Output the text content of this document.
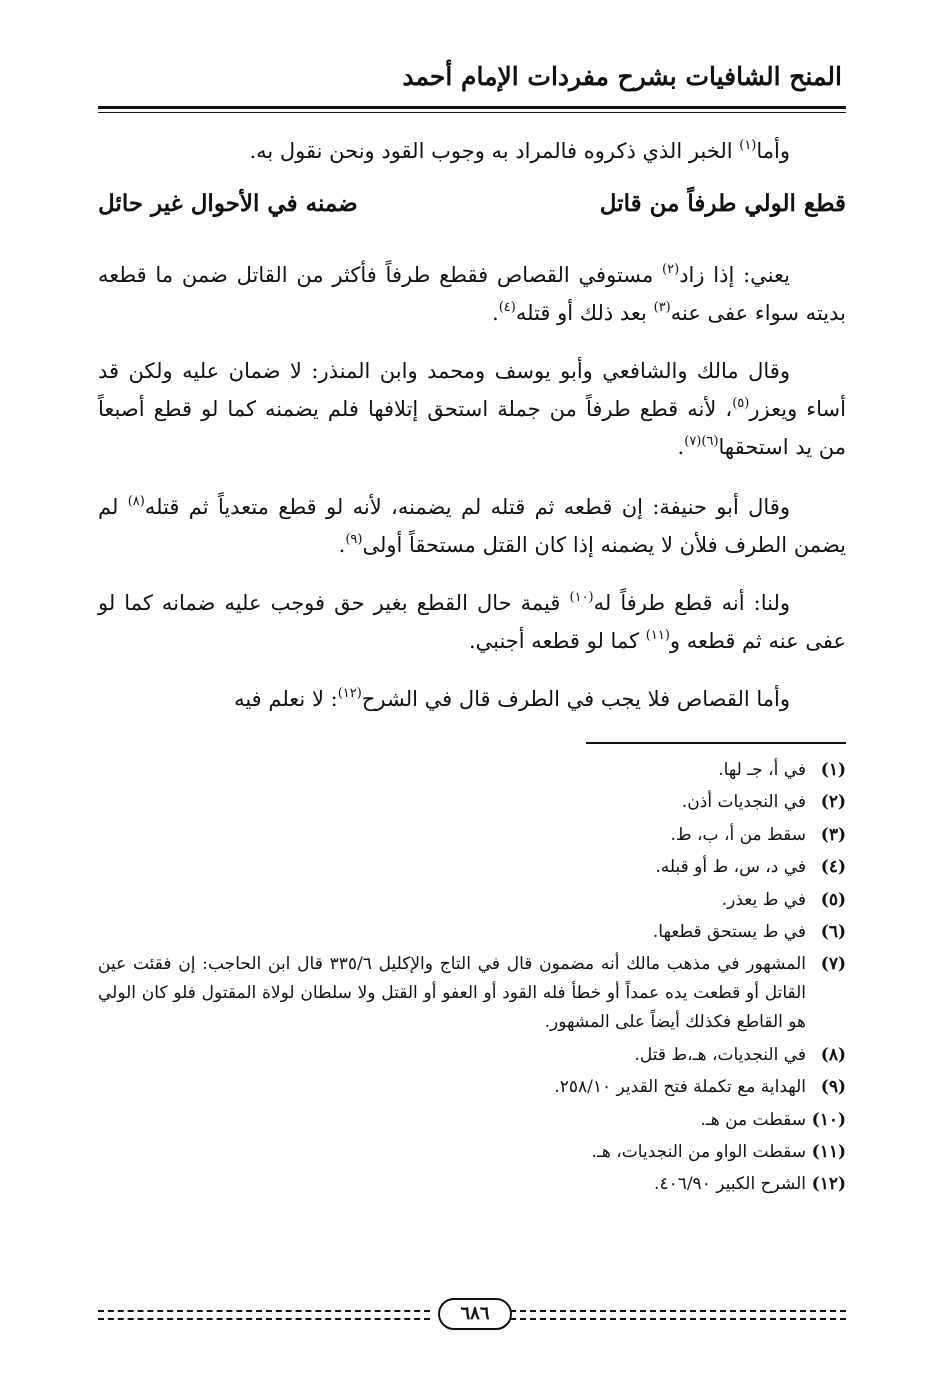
المنح الشافيات بشرح مفردات الإمام أحمد

وأما$^{(١)}$ الخبر الذي ذكروه فالمراد به وجوب القود ونحن نقول به.

قطع الولي طرفاً من قاتل
ضمنه في الأحوال غير حائل

يعني: إذا زاد$^{(٢)}$ مستوفي القصاص فقطع طرفاً فأكثر من القاتل ضمن ما قطعه بديته سواء عفى عنه$^{(٣)}$ بعد ذلك أو قتله$^{(٤)}$.

وقال مالك والشافعي وأبو يوسف ومحمد وابن المنذر: لا ضمان عليه ولكن قد أساء ويعزر$^{(٥)}$، لأنه قطع طرفاً من جملة استحق إتلافها فلم يضمنه كما لو قطع أصبعاً من يد استحقها$^{(٦)(٧)}$.

وقال أبو حنيفة: إن قطعه ثم قتله لم يضمنه، لأنه لو قطع متعدياً ثم قتله$^{(٨)}$ لم يضمن الطرف فلأن لا يضمنه إذا كان القتل مستحقاً أولى$^{(٩)}$.

ولنا: أنه قطع طرفاً له$^{(١٠)}$ قيمة حال القطع بغير حق فوجب عليه ضمانه كما لو عفى عنه ثم قطعه و$^{(١١)}$ كما لو قطعه أجنبي.

وأما القصاص فلا يجب في الطرف قال في الشرح$^{(١٢)}$: لا نعلم فيه

(١)
في أ، جـ لها.
(٢)
في النجديات أذن.
(٣)
سقط من أ، ب، ط.
(٤)
في د، س، ط أو قبله.
(٥)
في ط يعذر.
(٦)
في ط يستحق قطعها.
(٧)
المشهور في مذهب مالك أنه مضمون قال في التاج والإكليل ٣٣٥/٦ قال ابن الحاجب: إن فقئت عين القاتل أو قطعت يده عمداً أو خطأ فله القود أو العفو أو القتل ولا سلطان لولاة المقتول فلو كان الولي هو القاطع فكذلك أيضاً على المشهور.
(٨)
في النجديات، هـ،ط قتل.
(٩)
الهداية مع تكملة فتح القدير ٢٥٨/١٠.
(١٠)
سقطت من هـ.
(١١)
سقطت الواو من النجديات، هـ.
(١٢)
الشرح الكبير ٤٠٦/٩٠.
٦٨٦
